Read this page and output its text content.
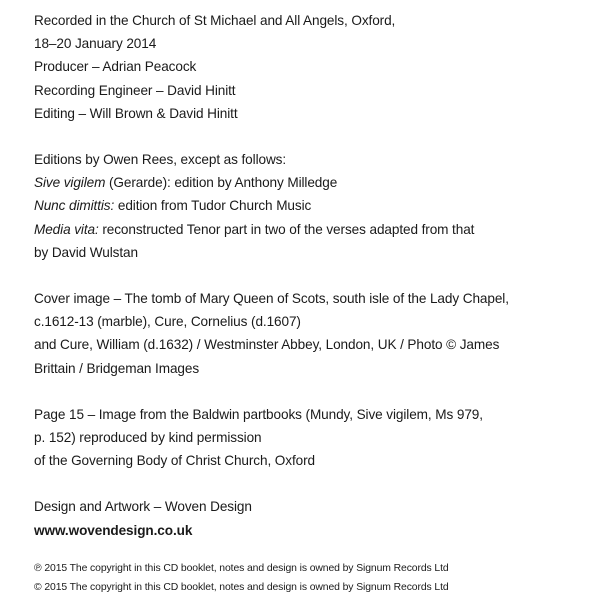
Recorded in the Church of St Michael and All Angels, Oxford,
18–20 January 2014
Producer – Adrian Peacock
Recording Engineer – David Hinitt
Editing – Will Brown & David Hinitt
Editions by Owen Rees, except as follows:
Sive vigilem (Gerarde): edition by Anthony Milledge
Nunc dimittis: edition from Tudor Church Music
Media vita: reconstructed Tenor part in two of the verses adapted from that
by David Wulstan
Cover image – The tomb of Mary Queen of Scots, south isle of the Lady Chapel,
c.1612-13 (marble), Cure, Cornelius (d.1607)
and Cure, William (d.1632) / Westminster Abbey, London, UK / Photo © James
Brittain / Bridgeman Images
Page 15 – Image from the Baldwin partbooks (Mundy, Sive vigilem, Ms 979,
p. 152) reproduced by kind permission
of the Governing Body of Christ Church, Oxford
Design and Artwork – Woven Design
www.wovendesign.co.uk
℗ 2015 The copyright in this CD booklet, notes and design is owned by Signum Records Ltd
© 2015 The copyright in this CD booklet, notes and design is owned by Signum Records Ltd
